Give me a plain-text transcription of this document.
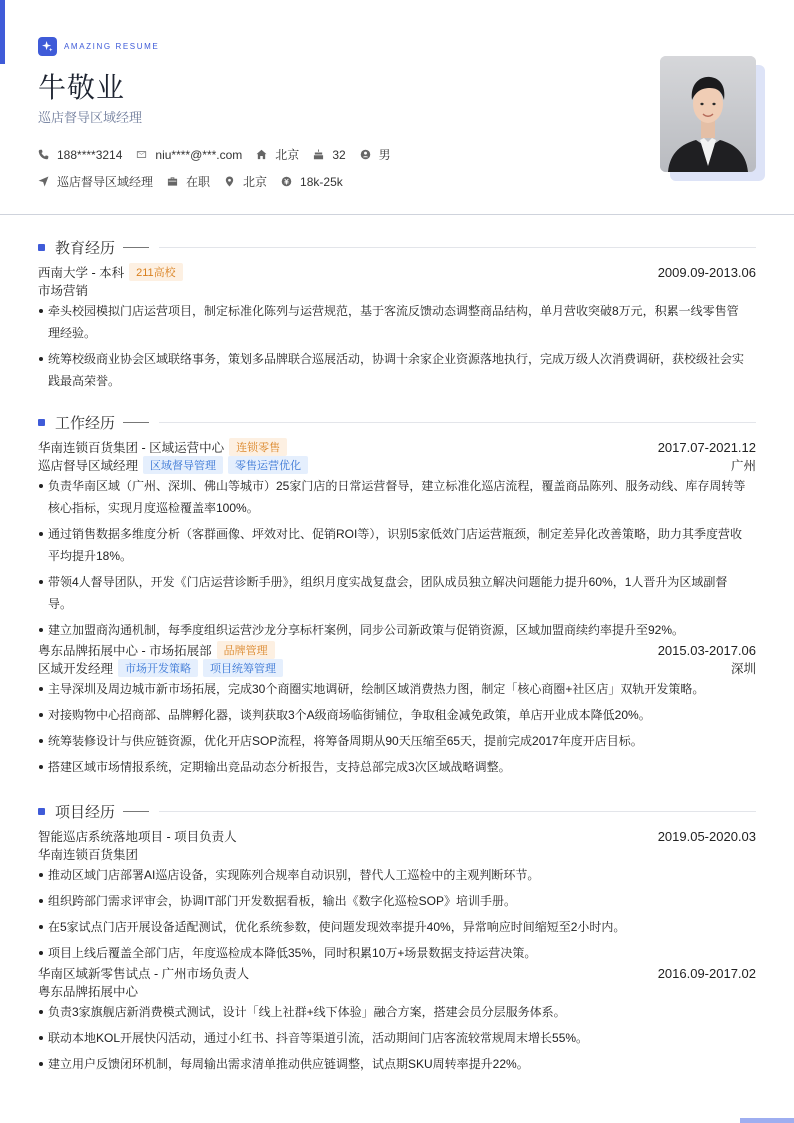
AMAZING RESUME
牛敬业
巡店督导区域经理
188****3214	niu****@***.com	北京	32	男
巡店督导区域经理	在职	北京	18k-25k
教育经历
西南大学 - 本科	211高校	2009.09-2013.06
市场营销
牵头校园模拟门店运营项目，制定标准化陈列与运营规范，基于客流反馈动态调整商品结构，单月营收突破8万元，积累一线零售管理经验。
统筹校级商业协会区域联络事务，策划多品牌联合巡展活动，协调十余家企业资源落地执行，完成万级人次消费调研，获校级社会实践最高荣誉。
工作经历
华南连锁百货集团 - 区域运营中心	连锁零售	2017.07-2021.12
巡店督导区域经理	区域督导管理	零售运营优化	广州
负责华南区域（广州、深圳、佛山等城市）25家门店的日常运营督导，建立标准化巡店流程，覆盖商品陈列、服务动线、库存周转等核心指标，实现月度巡检覆盖率100%。
通过销售数据多维度分析（客群画像、坪效对比、促销ROI等），识别5家低效门店运营瓶颈，制定差异化改善策略，助力其季度营收平均提升18%。
带领4人督导团队，开发《门店运营诊断手册》，组织月度实战复盘会，团队成员独立解决问题能力提升60%，1人晋升为区域副督导。
建立加盟商沟通机制，每季度组织运营沙龙分享标杆案例，同步公司新政策与促销资源，区域加盟商续约率提升至92%。
粤东品牌拓展中心 - 市场拓展部	品牌管理	2015.03-2017.06
区域开发经理	市场开发策略	项目统筹管理	深圳
主导深圳及周边城市新市场拓展，完成30个商圈实地调研，绘制区域消费热力图，制定「核心商圈+社区店」双轨开发策略。
对接购物中心招商部、品牌孵化器，谈判获取3个A级商场临街铺位，争取租金减免政策，单店开业成本降低20%。
统筹装修设计与供应链资源，优化开店SOP流程，将筹备周期从90天压缩至65天，提前完成2017年度开店目标。
搭建区域市场情报系统，定期输出竞品动态分析报告，支持总部完成3次区域战略调整。
项目经历
智能巡店系统落地项目 - 项目负责人	2019.05-2020.03
华南连锁百货集团
推动区域门店部署AI巡店设备，实现陈列合规率自动识别，替代人工巡检中的主观判断环节。
组织跨部门需求评审会，协调IT部门开发数据看板，输出《数字化巡检SOP》培训手册。
在5家试点门店开展设备适配测试，优化系统参数，使问题发现效率提升40%，异常响应时间缩短至2小时内。
项目上线后覆盖全部门店，年度巡检成本降低35%，同时积累10万+场景数据支持运营决策。
华南区域新零售试点 - 广州市场负责人	2016.09-2017.02
粤东品牌拓展中心
负责3家旗舰店新消费模式测试，设计「线上社群+线下体验」融合方案，搭建会员分层服务体系。
联动本地KOL开展快闪活动，通过小红书、抖音等渠道引流，活动期间门店客流较常规周末增长55%。
建立用户反馈闭环机制，每周输出需求清单推动供应链调整，试点期SKU周转率提升22%。
